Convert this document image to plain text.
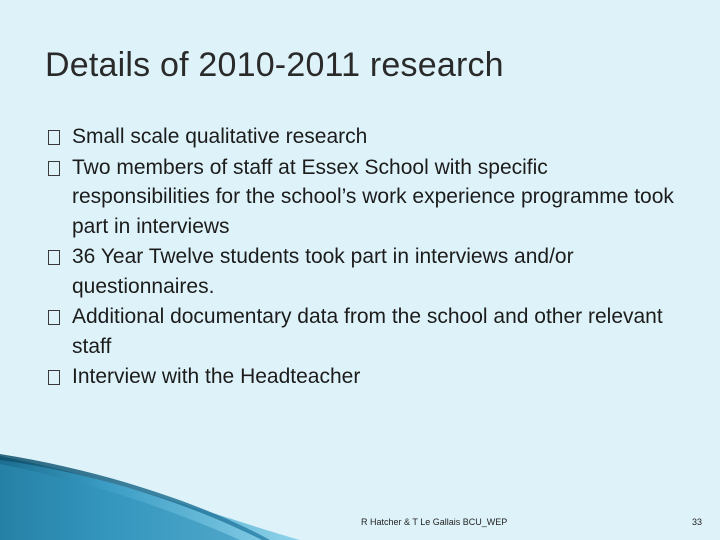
Details of 2010-2011 research
Small scale qualitative research
Two members of staff at Essex School with specific responsibilities for the school’s work experience programme took part in interviews
36 Year Twelve students took part in interviews and/or questionnaires.
Additional documentary data from the school and other relevant staff
Interview with the Headteacher
R Hatcher & T Le Gallais BCU_WEP	33
